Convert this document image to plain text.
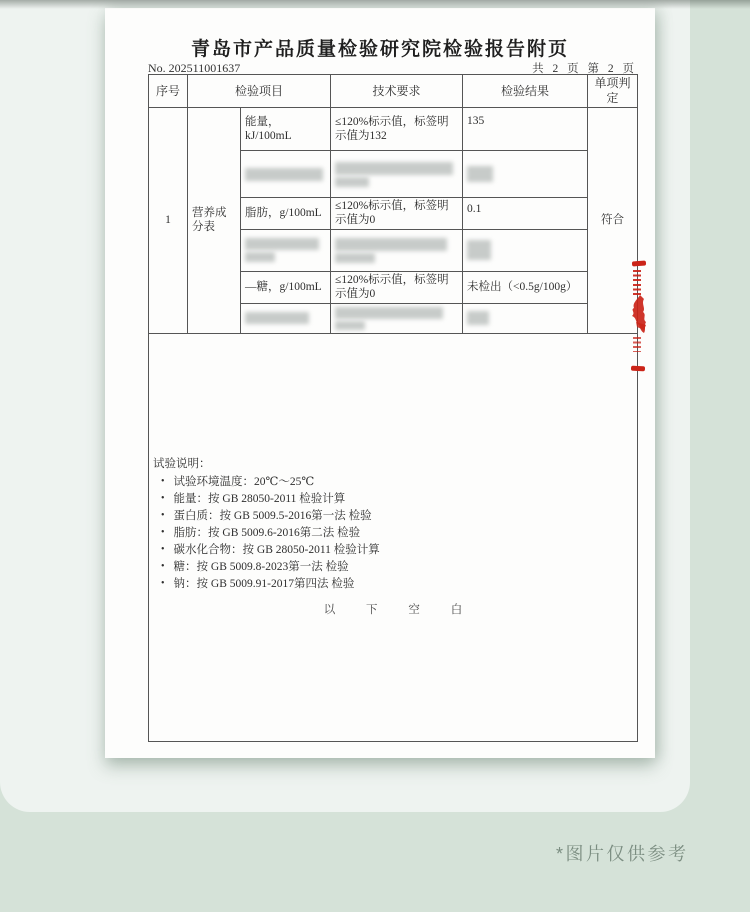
青岛市产品质量检验研究院检验报告附页
No. 202511001637	共 2 页 第 2 页
序号	检验项目		技术要求	检验结果	单项判定
1	营养成分表	能量，kJ/100mL	≤120%标示值，标签明示值为132	135	符合

		脂肪，g/100mL	≤120%标示值，标签明示值为0	0.1	

		—糖，g/100mL	≤120%标示值，标签明示值为0	未检出（<0.5g/100g）	

试验说明：
• 试验环境温度：20℃～25℃
• 能量：按 GB 28050-2011 检验计算
• 蛋白质：按 GB 5009.5-2016第一法 检验
• 脂肪：按 GB 5009.6-2016第二法 检验
• 碳水化合物：按 GB 28050-2011 检验计算
• 糖：按 GB 5009.8-2023第一法 检验
• 钠：按 GB 5009.91-2017第四法 检验
以 下 空 白
*图片仅供参考
